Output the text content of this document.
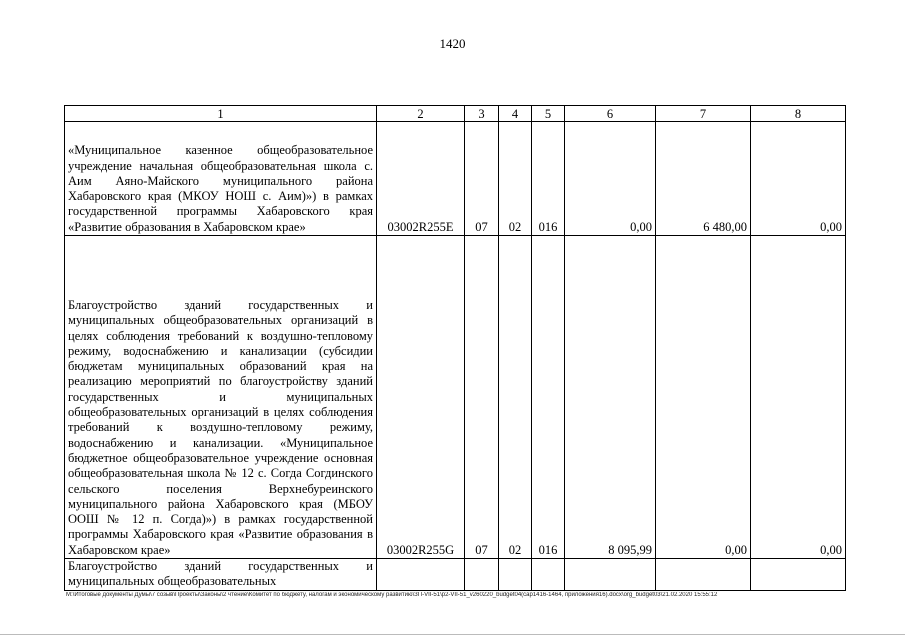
1420
1	2	3	4	5	6	7	8

«Муниципальное казенное общеобразовательное учреждение начальная общеобразовательная школа с. Аим Аяно-Майского муниципального района Хабаровского края (МКОУ НОШ с. Аим)») в рамках государственной программы Хабаровского края «Развитие образования в Хабаровском крае»	03002R255E	07	02	016	0,00	6 480,00	0,00

Благоустройство зданий государственных и муниципальных общеобразовательных организаций в целях соблюдения требований к воздушно-тепловому режиму, водоснабжению и канализации (субсидии бюджетам муниципальных образований края на реализацию мероприятий по благоустройству зданий государственных и муниципальных общеобразовательных организаций в целях соблюдения требований к воздушно-тепловому режиму, водоснабжению и канализации. «Муниципальное бюджетное общеобразовательное учреждение основная общеобразовательная школа № 12 с. Согда Согдинского сельского поселения Верхнебуреинского муниципального района Хабаровского края (МБОУ ООШ № 12 п. Согда)») в рамках государственной программы Хабаровского края «Развитие образования в Хабаровском крае»	03002R255G	07	02	016	8 095,99	0,00	0,00

Благоустройство зданий государственных и муниципальных общеобразовательных							

M:\Итоговые документы Думы\7 созыв\Проекты\Законы\2 чтение\Комитет по бюджету, налогам и экономическому развитию\ЗП-VII-51\р2-VII-51_v260220_budget04(саp1416-1464, приложения16).docx\org_budget03\21.02.2020 15:55:12
